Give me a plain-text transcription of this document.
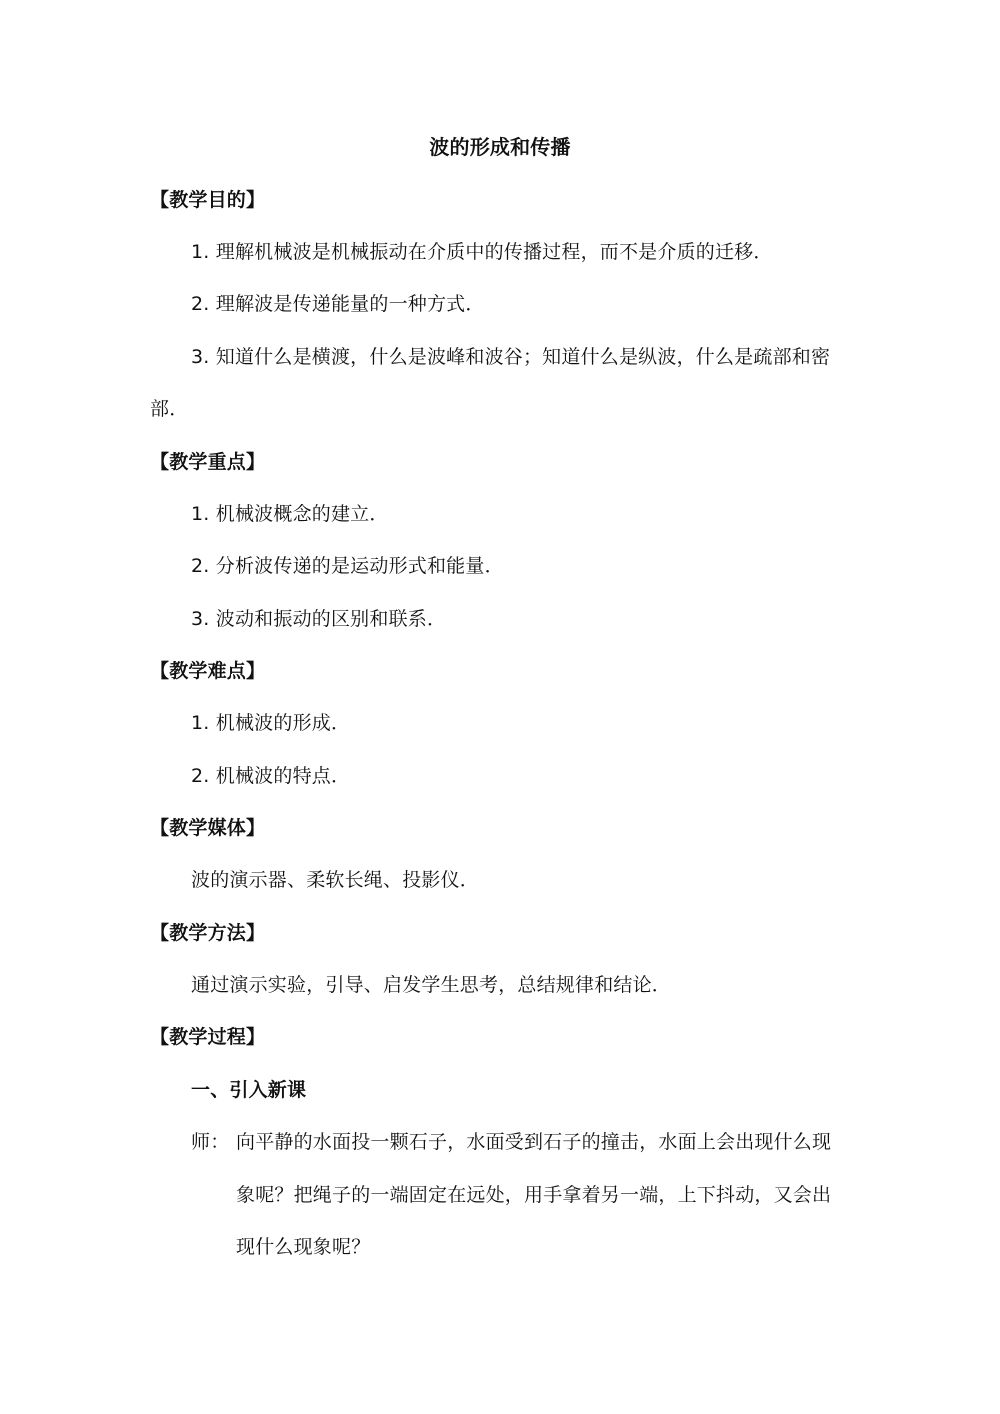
波的形成和传播
【教学目的】
1. 理解机械波是机械振动在介质中的传播过程，而不是介质的迁移．
2. 理解波是传递能量的一种方式．
3. 知道什么是横渡，什么是波峰和波谷；知道什么是纵波，什么是疏部和密
部．
【教学重点】
1. 机械波概念的建立．
2. 分析波传递的是运动形式和能量．
3. 波动和振动的区别和联系．
【教学难点】
1. 机械波的形成．
2. 机械波的特点．
【教学媒体】
波的演示器、柔软长绳、投影仪．
【教学方法】
通过演示实验，引导、启发学生思考，总结规律和结论．
【教学过程】
一、引入新课
师： 向平静的水面投一颗石子，水面受到石子的撞击，水面上会出现什么现
象呢？把绳子的一端固定在远处，用手拿着另一端，上下抖动，又会出
现什么现象呢？
